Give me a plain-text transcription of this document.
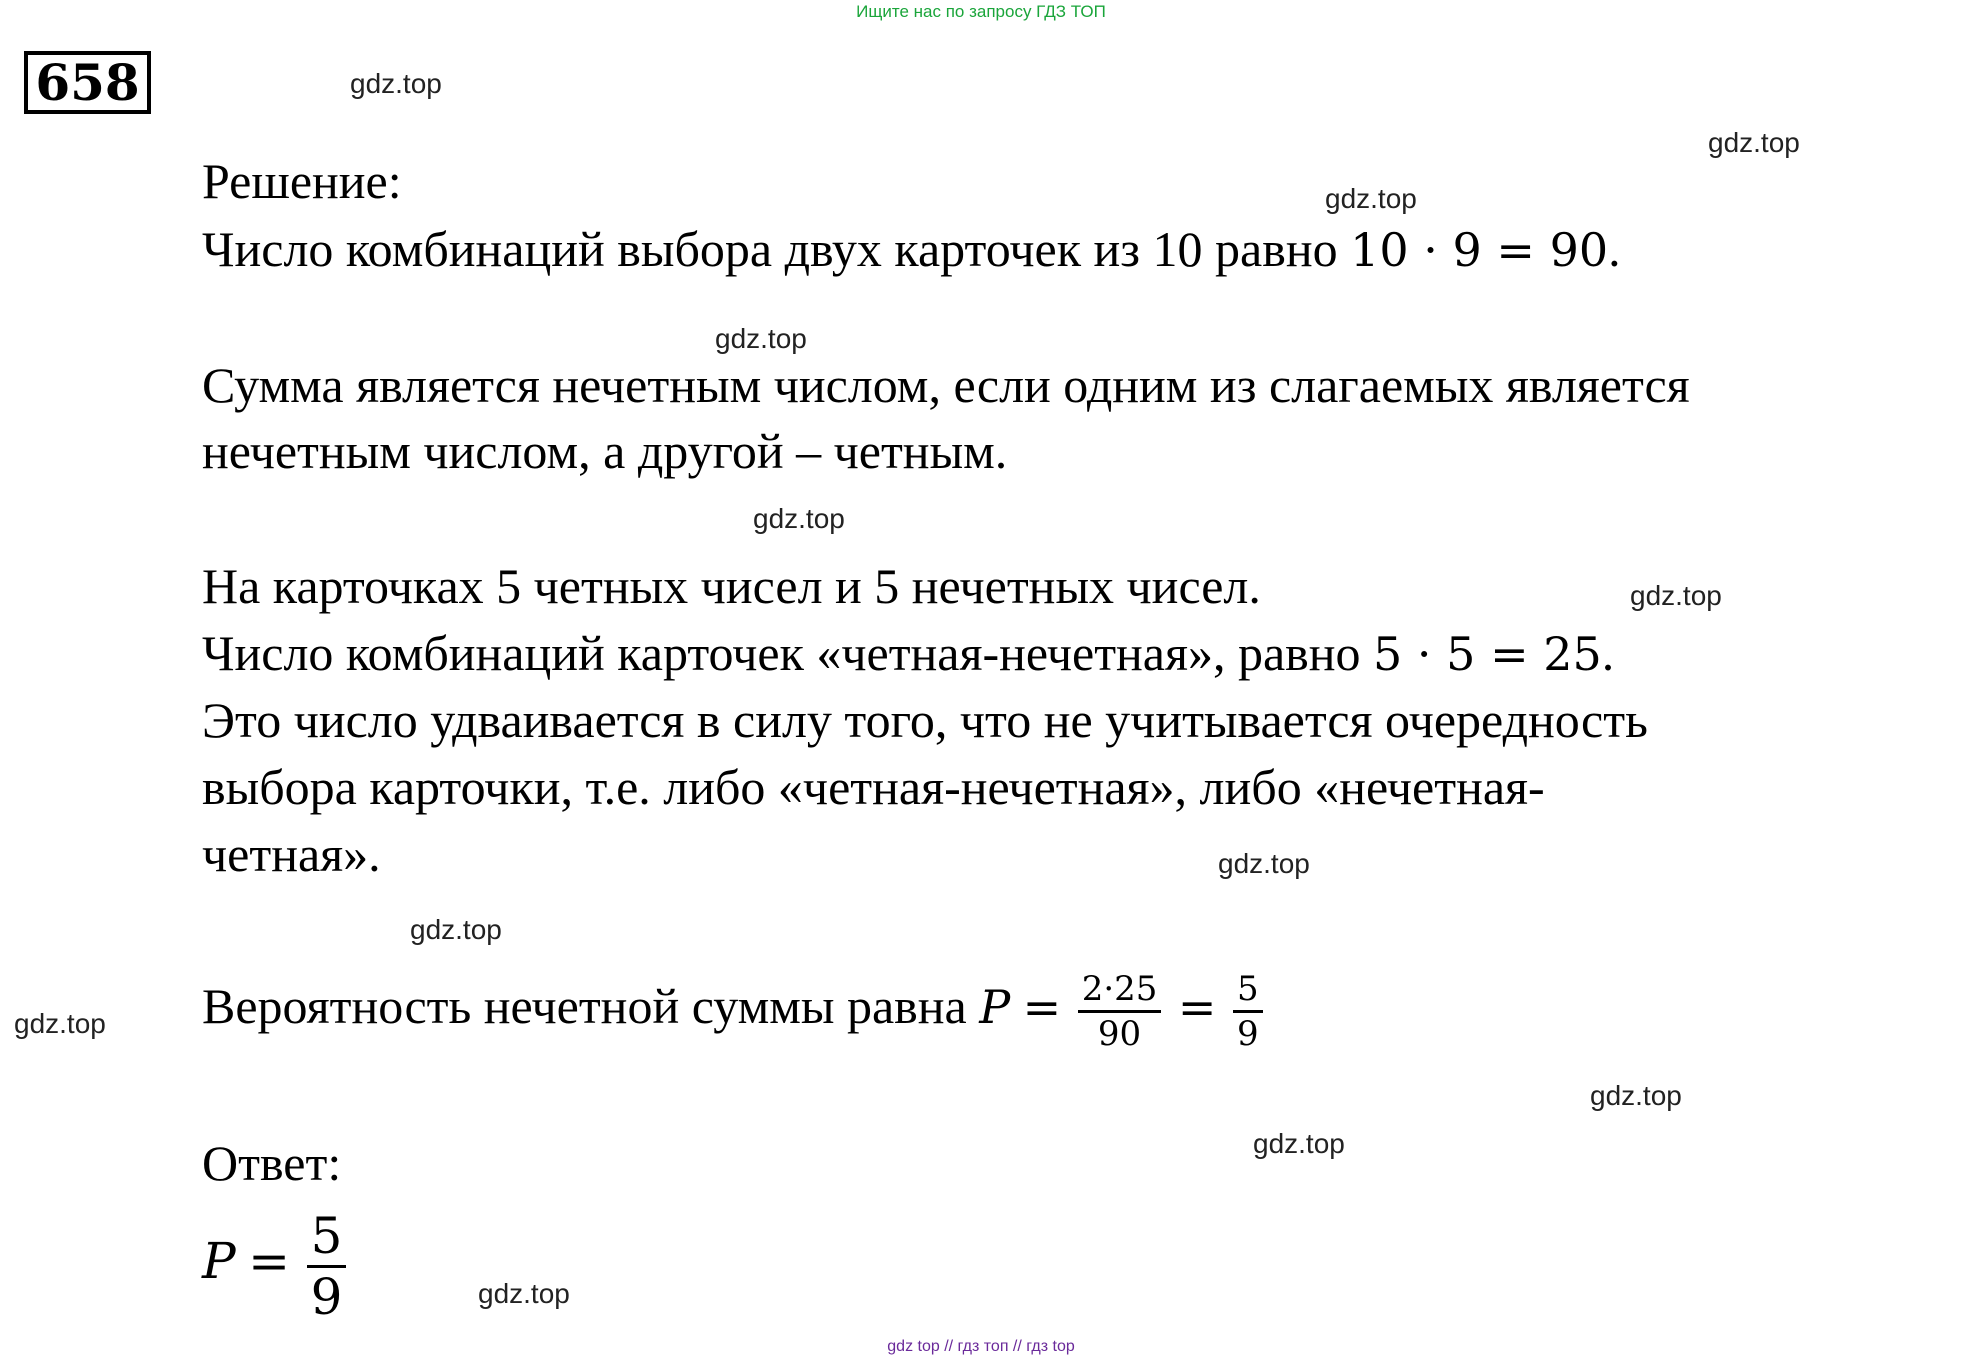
Ищите нас по запросу ГДЗ ТОП
658	gdz.top
gdz.top
gdz.top
gdz.top
gdz.top
gdz.top
gdz.top
gdz.top
gdz.top
gdz.top
gdz.top
gdz.top
Решение:
Число комбинаций выбора двух карточек из 10 равно 10 · 9 = 90.
Сумма является нечетным числом, если одним из слагаемых является
нечетным числом, а другой – четным.
На карточках 5 четных чисел и 5 нечетных чисел.
Число комбинаций карточек «четная-нечетная», равно 5 · 5 = 25.
Это число удваивается в силу того, что не учитывается очередность
выбора карточки, т.е. либо «четная-нечетная», либо «нечетная-
четная».
Вероятность нечетной суммы равна $P = \frac{2\cdot 25}{90} = \frac{5}{9}$
Ответ:
$P = \frac{5}{9}$
gdz top // гдз топ // гдз top
